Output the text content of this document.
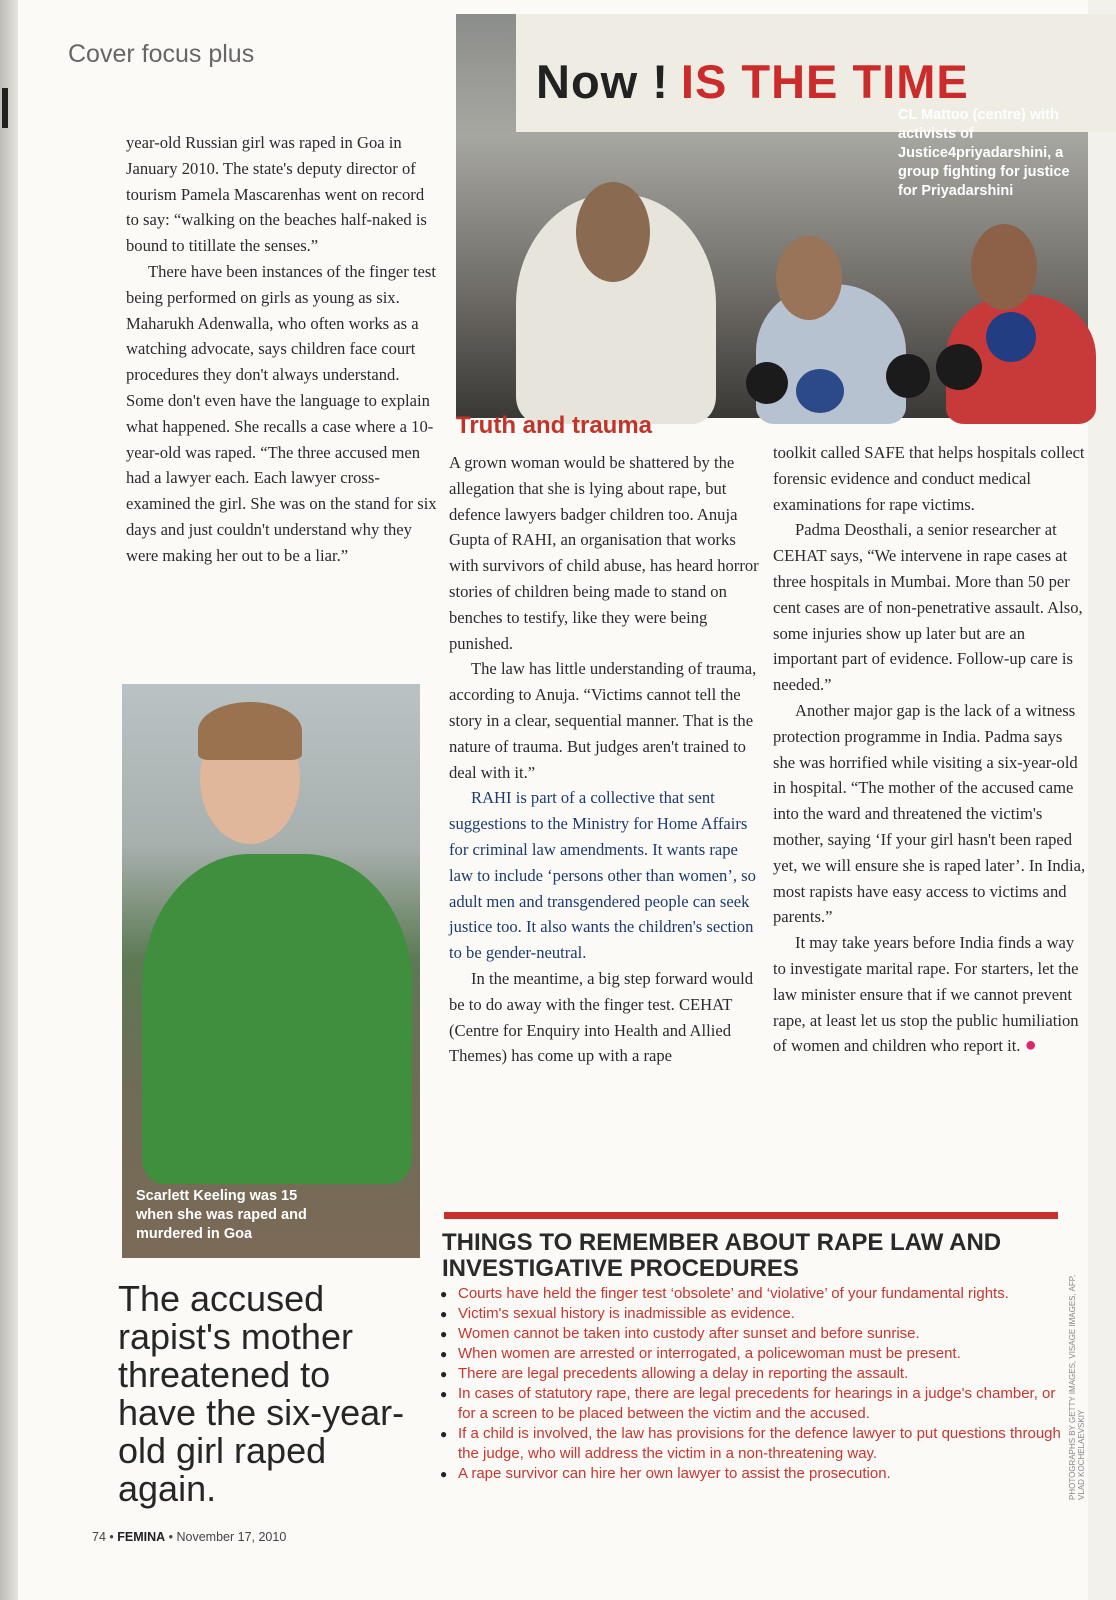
Cover focus plus

year-old Russian girl was raped in Goa in January 2010. The state's deputy director of tourism Pamela Mascarenhas went on record to say: “walking on the beaches half-naked is bound to titillate the senses.”

There have been instances of the finger test being performed on girls as young as six. Maharukh Adenwalla, who often works as a watching advocate, says children face court procedures they don't always understand. Some don't even have the language to explain what happened. She recalls a case where a 10-year-old was raped. “The three accused men had a lawyer each. Each lawyer cross-examined the girl. She was on the stand for six days and just couldn't understand why they were making her out to be a liar.”

Now ! IS THE TIME
CL Mattoo (centre) with activists of Justice4priyadarshini, a group fighting for justice for Priyadarshini
Truth and trauma

A grown woman would be shattered by the allegation that she is lying about rape, but defence lawyers badger children too. Anuja Gupta of RAHI, an organisation that works with survivors of child abuse, has heard horror stories of children being made to stand on benches to testify, like they were being punished.

The law has little understanding of trauma, according to Anuja. “Victims cannot tell the story in a clear, sequential manner. That is the nature of trauma. But judges aren't trained to deal with it.”

RAHI is part of a collective that sent suggestions to the Ministry for Home Affairs for criminal law amendments. It wants rape law to include ‘persons other than women’, so adult men and transgendered people can seek justice too. It also wants the children's section to be gender-neutral.

In the meantime, a big step forward would be to do away with the finger test. CEHAT (Centre for Enquiry into Health and Allied Themes) has come up with a rape

toolkit called SAFE that helps hospitals collect forensic evidence and conduct medical examinations for rape victims.

Padma Deosthali, a senior researcher at CEHAT says, “We intervene in rape cases at three hospitals in Mumbai. More than 50 per cent cases are of non-penetrative assault. Also, some injuries show up later but are an important part of evidence. Follow-up care is needed.”

Another major gap is the lack of a witness protection programme in India. Padma says she was horrified while visiting a six-year-old in hospital. “The mother of the accused came into the ward and threatened the victim's mother, saying ‘If your girl hasn't been raped yet, we will ensure she is raped later’. In India, most rapists have easy access to victims and parents.”

It may take years before India finds a way to investigate marital rape. For starters, let the law minister ensure that if we cannot prevent rape, at least let us stop the public humiliation of women and children who report it. ●

Scarlett Keeling was 15 when she was raped and murdered in Goa
The accused rapist's mother threatened to have the six-year-old girl raped again.
THINGS TO REMEMBER ABOUT RAPE LAW AND INVESTIGATIVE PROCEDURES
● Courts have held the finger test ‘obsolete’ and ‘violative’ of your fundamental rights.
● Victim's sexual history is inadmissible as evidence.
● Women cannot be taken into custody after sunset and before sunrise.
● When women are arrested or interrogated, a policewoman must be present.
● There are legal precedents allowing a delay in reporting the assault.
● In cases of statutory rape, there are legal precedents for hearings in a judge's chamber, or for a screen to be placed between the victim and the accused.
● If a child is involved, the law has provisions for the defence lawyer to put questions through the judge, who will address the victim in a non-threatening way.
● A rape survivor can hire her own lawyer to assist the prosecution.
74 • FEMINA • November 17, 2010
PHOTOGRAPHS BY GETTY IMAGES, VISAGE IMAGES, AFP, VLAD KOCHELAEVSKIY
